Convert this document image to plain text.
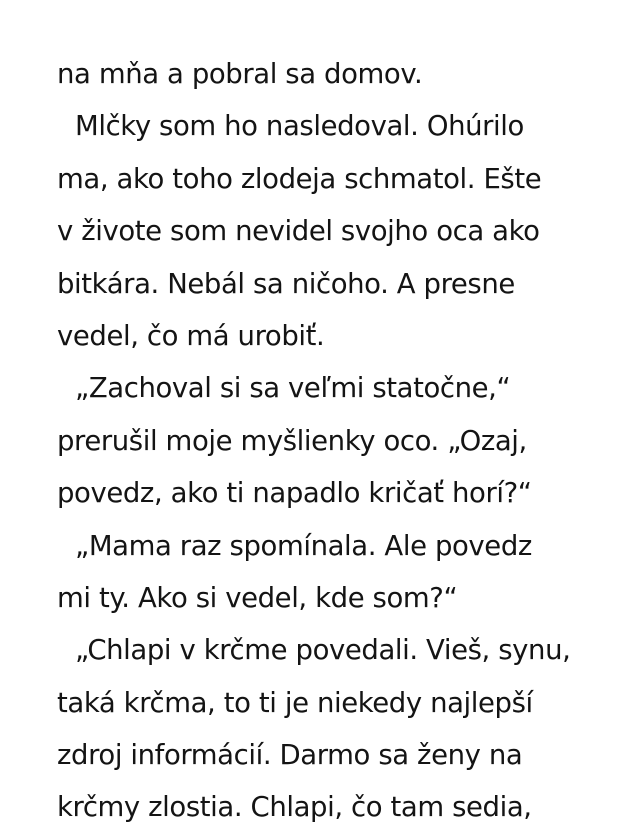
na mňa a pobral sa domov.
Mlčky som ho nasledoval. Ohúrilo
ma, ako toho zlodeja schmatol. Ešte
v živote som nevidel svojho oca ako
bitkára. Nebál sa ničoho. A presne
vedel, čo má urobiť.
„Zachoval si sa veľmi statočne,“
prerušil moje myšlienky oco. „Ozaj,
povedz, ako ti napadlo kričať horí?“
„Mama raz spomínala. Ale povedz
mi ty. Ako si vedel, kde som?“
„Chlapi v krčme povedali. Vieš, synu,
taká krčma, to ti je niekedy najlepší
zdroj informácií. Darmo sa ženy na
krčmy zlostia. Chlapi, čo tam sedia,
